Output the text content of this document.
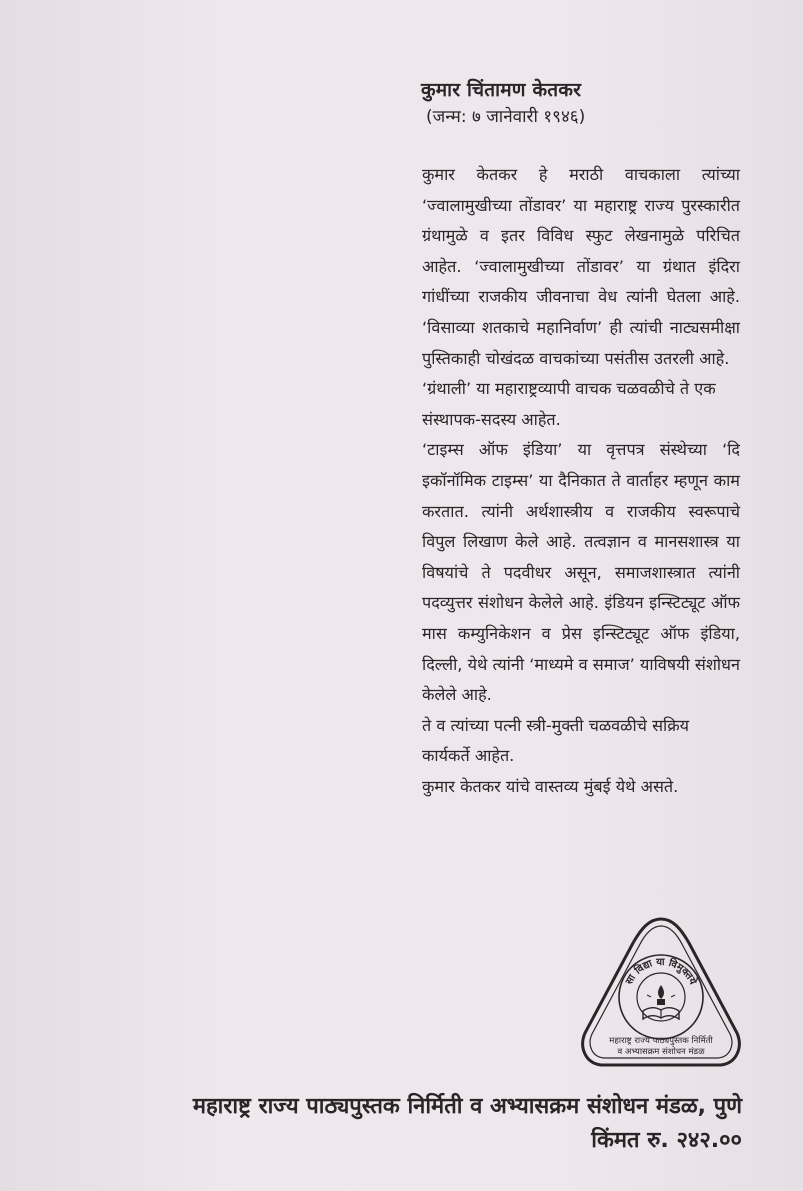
कुमार चिंतामण केतकर
(जन्म: ७ जानेवारी १९४६)

कुमार केतकर हे मराठी वाचकाला त्यांच्या ‘ज्वालामुखीच्या तोंडावर’ या महाराष्ट्र राज्य पुरस्कारीत ग्रंथामुळे व इतर विविध स्फुट लेखनामुळे परिचित आहेत. ‘ज्वालामुखीच्या तोंडावर’ या ग्रंथात इंदिरा गांधींच्या राजकीय जीवनाचा वेध त्यांनी घेतला आहे. ‘विसाव्या शतकाचे महानिर्वाण’ ही त्यांची नाट्यसमीक्षा पुस्तिकाही चोखंदळ वाचकांच्या पसंतीस उतरली आहे.

‘ग्रंथाली’ या महाराष्ट्रव्यापी वाचक चळवळीचे ते एक संस्थापक-सदस्य आहेत.

‘टाइम्स ऑफ इंडिया’ या वृत्तपत्र संस्थेच्या ‘दि इकॉनॉमिक टाइम्स’ या दैनिकात ते वार्ताहर म्हणून काम करतात. त्यांनी अर्थशास्त्रीय व राजकीय स्वरूपाचे विपुल लिखाण केले आहे. तत्वज्ञान व मानसशास्त्र या विषयांचे ते पदवीधर असून, समाजशास्त्रात त्यांनी पदव्युत्तर संशोधन केलेले आहे. इंडियन इन्स्टिट्यूट ऑफ मास कम्युनिकेशन व प्रेस इन्स्टिट्यूट ऑफ इंडिया, दिल्ली, येथे त्यांनी ‘माध्यमे व समाज’ याविषयी संशोधन केलेले आहे.

ते व त्यांच्या पत्नी स्त्री-मुक्ती चळवळीचे सक्रिय कार्यकर्ते आहेत.

कुमार केतकर यांचे वास्तव्य मुंबई येथे असते.

सा विद्या या विमुक्तये
महाराष्ट्र राज्य पाठ्यपुस्तक निर्मिती
व अभ्यासक्रम संशोधन मंडळ
महाराष्ट्र राज्य पाठ्यपुस्तक निर्मिती व अभ्यासक्रम संशोधन मंडळ, पुणे
किंमत रु. २४२.००
